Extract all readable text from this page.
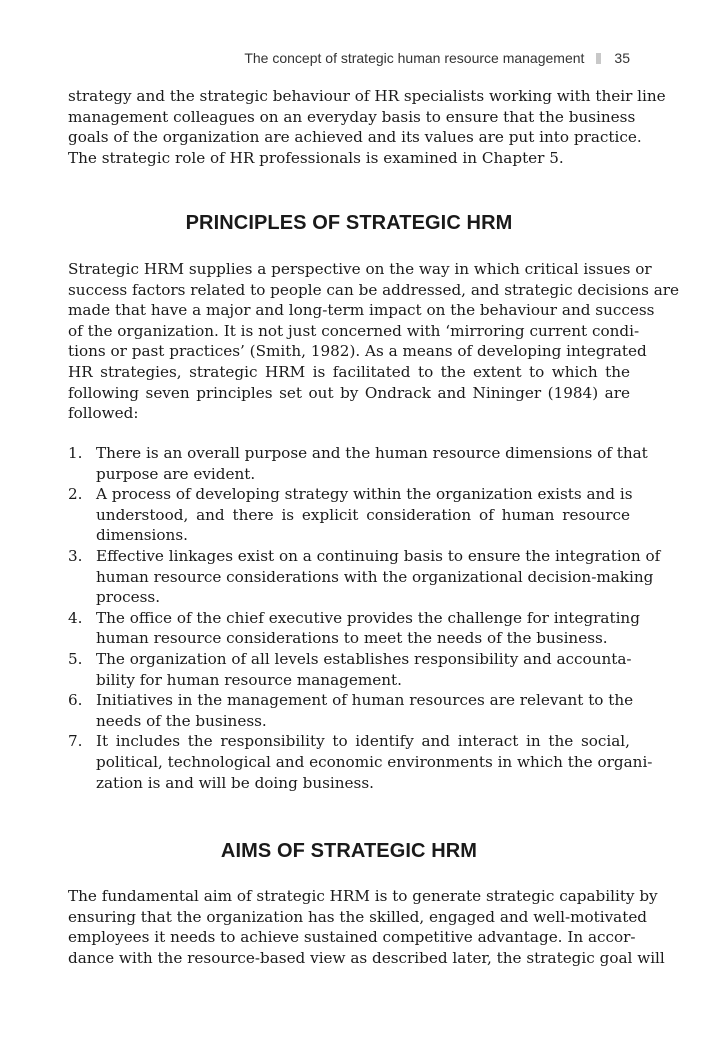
The concept of strategic human resource management 35

strategy and the strategic behaviour of HR specialists working with their line
management colleagues on an everyday basis to ensure that the business
goals of the organization are achieved and its values are put into practice.
The strategic role of HR professionals is examined in Chapter 5.

PRINCIPLES OF STRATEGIC HRM

Strategic HRM supplies a perspective on the way in which critical issues or
success factors related to people can be addressed, and strategic decisions are
made that have a major and long-term impact on the behaviour and success
of the organization. It is not just concerned with ‘mirroring current condi-
tions or past practices’ (Smith, 1982). As a means of developing integrated
HR strategies, strategic HRM is facilitated to the extent to which the
following seven principles set out by Ondrack and Nininger (1984) are
followed:

1. There is an overall purpose and the human resource dimensions of that
purpose are evident.
2. A process of developing strategy within the organization exists and is
understood, and there is explicit consideration of human resource
dimensions.
3. Effective linkages exist on a continuing basis to ensure the integration of
human resource considerations with the organizational decision-making
process.
4. The office of the chief executive provides the challenge for integrating
human resource considerations to meet the needs of the business.
5. The organization of all levels establishes responsibility and accounta-
bility for human resource management.
6. Initiatives in the management of human resources are relevant to the
needs of the business.
7. It includes the responsibility to identify and interact in the social,
political, technological and economic environments in which the organi-
zation is and will be doing business.
AIMS OF STRATEGIC HRM

The fundamental aim of strategic HRM is to generate strategic capability by
ensuring that the organization has the skilled, engaged and well-motivated
employees it needs to achieve sustained competitive advantage. In accor-
dance with the resource-based view as described later, the strategic goal will
